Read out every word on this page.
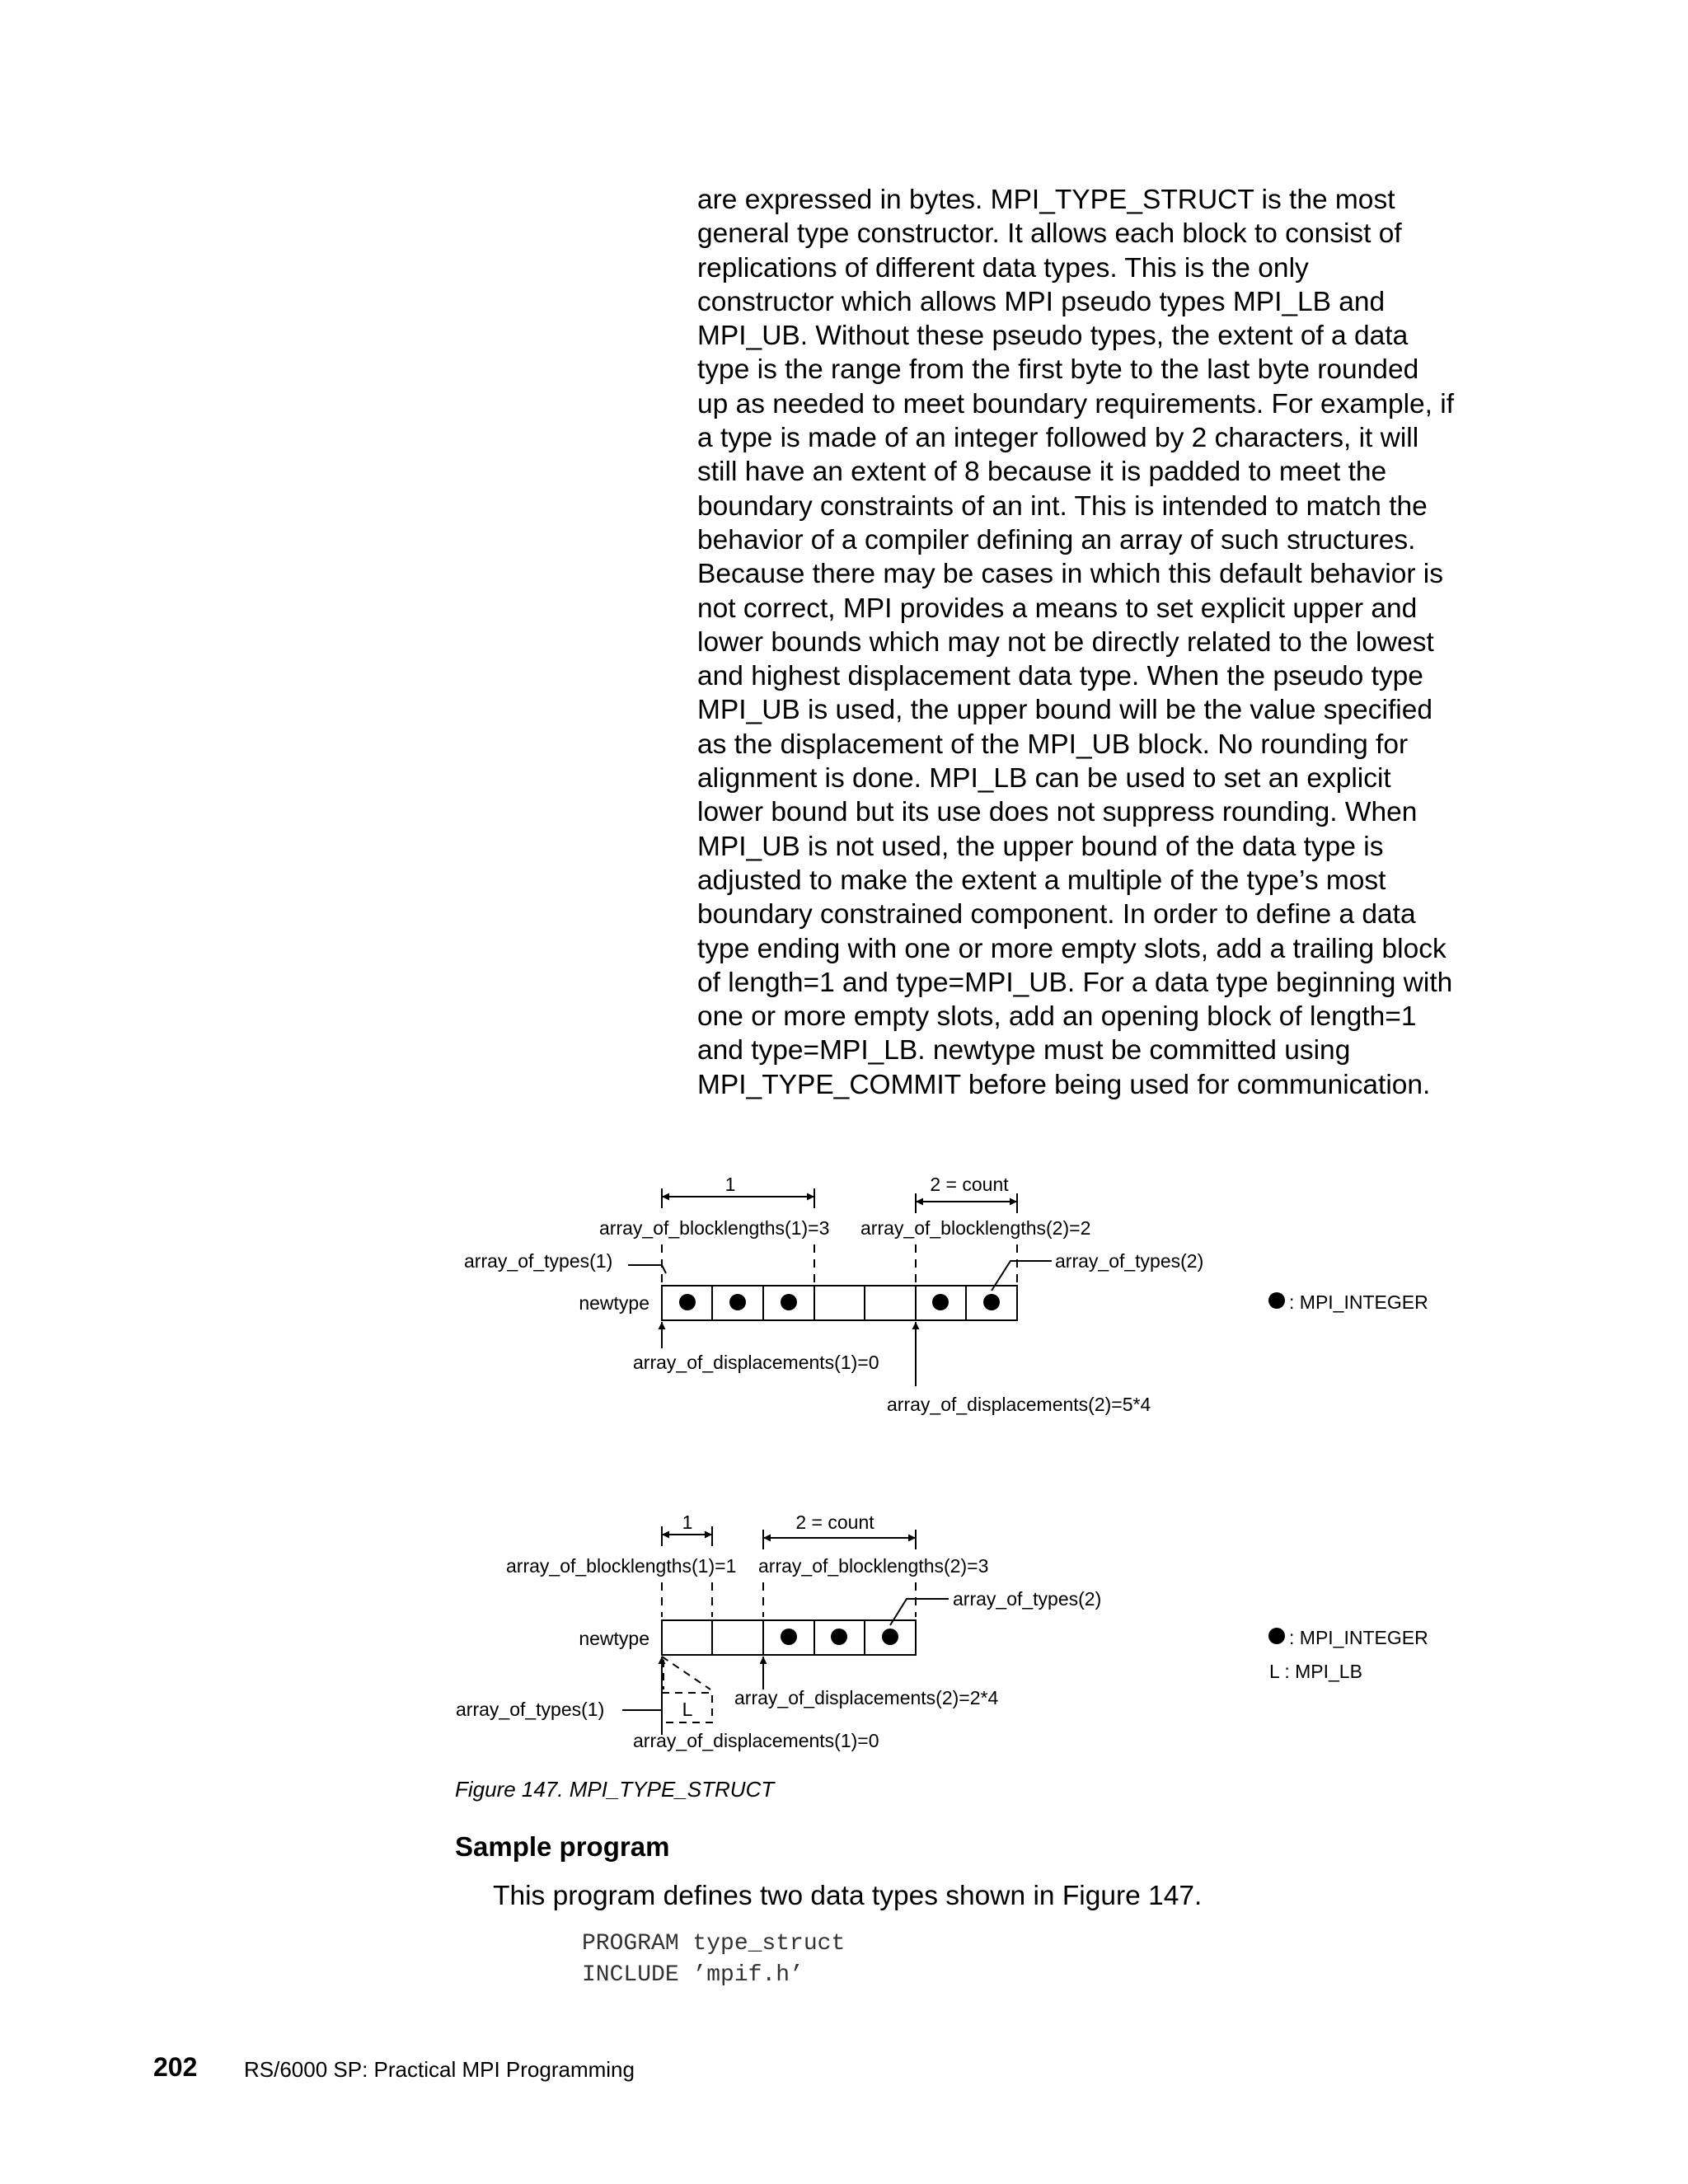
are expressed in bytes. MPI_TYPE_STRUCT is the most
general type constructor. It allows each block to consist of
replications of different data types. This is the only
constructor which allows MPI pseudo types MPI_LB and
MPI_UB. Without these pseudo types, the extent of a data
type is the range from the first byte to the last byte rounded
up as needed to meet boundary requirements. For example, if
a type is made of an integer followed by 2 characters, it will
still have an extent of 8 because it is padded to meet the
boundary constraints of an int. This is intended to match the
behavior of a compiler defining an array of such structures.
Because there may be cases in which this default behavior is
not correct, MPI provides a means to set explicit upper and
lower bounds which may not be directly related to the lowest
and highest displacement data type. When the pseudo type
MPI_UB is used, the upper bound will be the value specified
as the displacement of the MPI_UB block. No rounding for
alignment is done. MPI_LB can be used to set an explicit
lower bound but its use does not suppress rounding. When
MPI_UB is not used, the upper bound of the data type is
adjusted to make the extent a multiple of the type’s most
boundary constrained component. In order to define a data
type ending with one or more empty slots, add a trailing block
of length=1 and type=MPI_UB. For a data type beginning with
one or more empty slots, add an opening block of length=1
and type=MPI_LB. newtype must be committed using
MPI_TYPE_COMMIT before being used for communication.
1	2 = count
array_of_blocklengths(1)=3 array_of_blocklengths(2)=2
array_of_types(1)	array_of_types(2)
newtype
array_of_displacements(1)=0
array_of_displacements(2)=5*4
: MPI_INTEGER
1	2 = count
array_of_blocklengths(1)=1 array_of_blocklengths(2)=3
array_of_types(2)
newtype
L
array_of_types(1)
array_of_displacements(2)=2*4
array_of_displacements(1)=0
: MPI_INTEGER
L : MPI_LB
Figure 147. MPI_TYPE_STRUCT
Sample program
This program defines two data types shown in Figure 147.
PROGRAM type_struct
INCLUDE ’mpif.h’
202 RS/6000 SP: Practical MPI Programming
